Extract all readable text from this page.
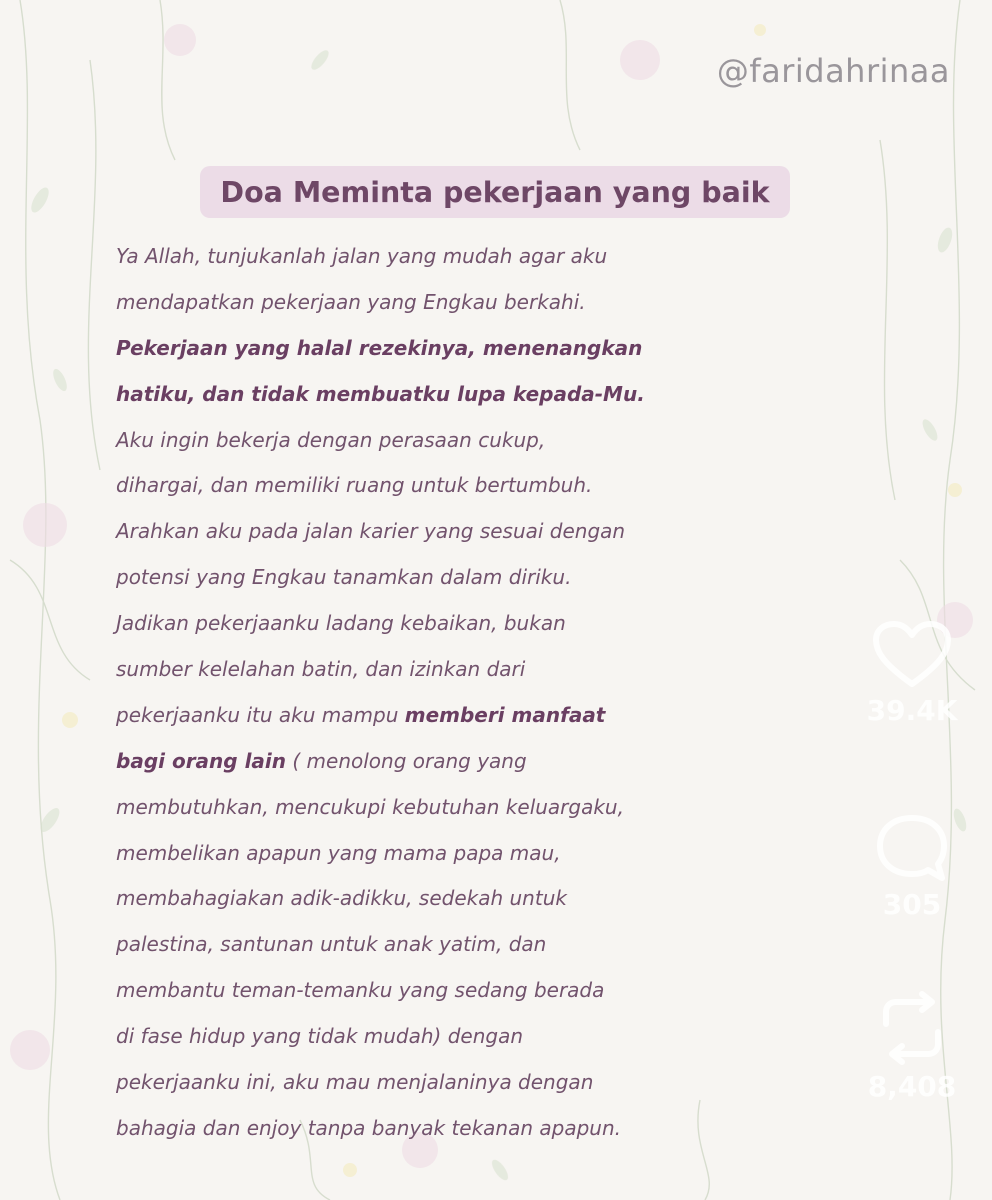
@faridahrinaa
Doa Meminta pekerjaan yang baik
Ya Allah, tunjukanlah jalan yang mudah agar aku
mendapatkan pekerjaan yang Engkau berkahi.
Pekerjaan yang halal rezekinya, menenangkan
hatiku, dan tidak membuatku lupa kepada-Mu.
Aku ingin bekerja dengan perasaan cukup,
dihargai, dan memiliki ruang untuk bertumbuh.
Arahkan aku pada jalan karier yang sesuai dengan
potensi yang Engkau tanamkan dalam diriku.
Jadikan pekerjaanku ladang kebaikan, bukan
sumber kelelahan batin, dan izinkan dari
pekerjaanku itu aku mampu memberi manfaat
bagi orang lain ( menolong orang yang
membutuhkan, mencukupi kebutuhan keluargaku,
membelikan apapun yang mama papa mau,
membahagiakan adik-adikku, sedekah untuk
palestina, santunan untuk anak yatim, dan
membantu teman-temanku yang sedang berada
di fase hidup yang tidak mudah) dengan
pekerjaanku ini, aku mau menjalaninya dengan
bahagia dan enjoy tanpa banyak tekanan apapun.
39.4K
305
8,408
